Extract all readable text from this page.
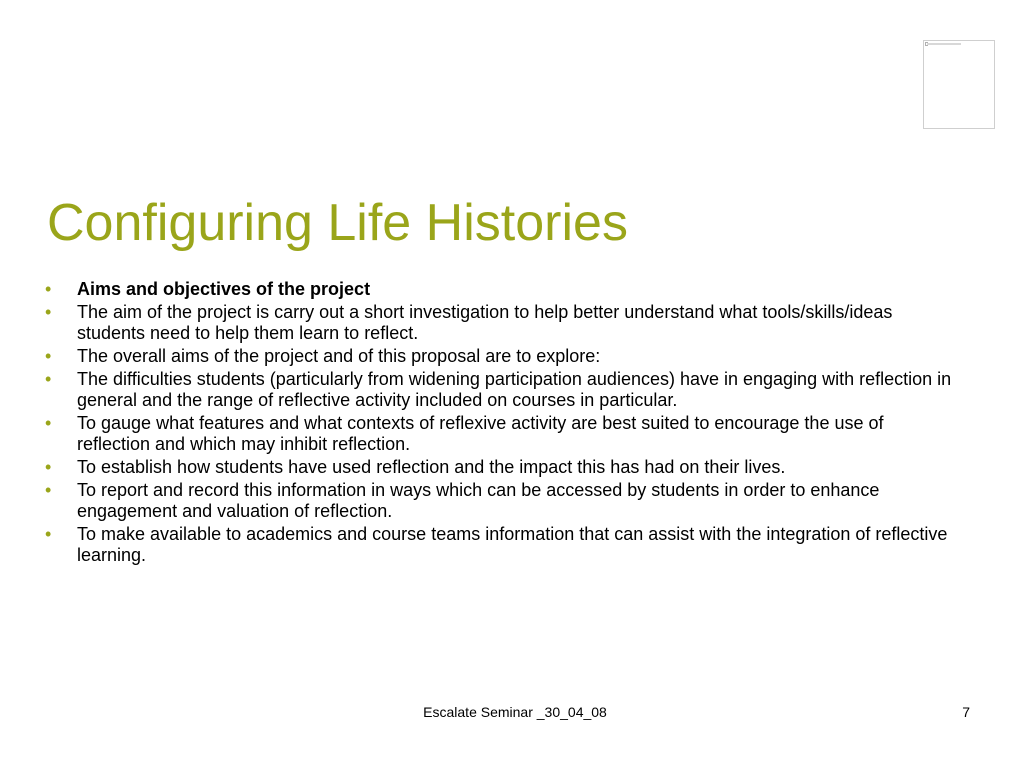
Configuring Life Histories
• Aims and objectives of the project
• The aim of the project is carry out a short investigation to help better understand what tools/skills/ideas students need to help them learn to reflect.
• The overall aims of the project and of this proposal are to explore:
• The difficulties students (particularly from widening participation audiences) have in engaging with reflection in general and the range of reflective activity included on courses in particular.
• To gauge what features and what contexts of reflexive activity are best suited to encourage the use of reflection and which may inhibit reflection.
• To establish how students have used reflection and the impact this has had on their lives.
• To report and record this information in ways which can be accessed by students in order to enhance engagement and valuation of reflection.
• To make available to academics and course teams information that can assist with the integration of reflective learning.
Escalate Seminar _30_04_08	7
